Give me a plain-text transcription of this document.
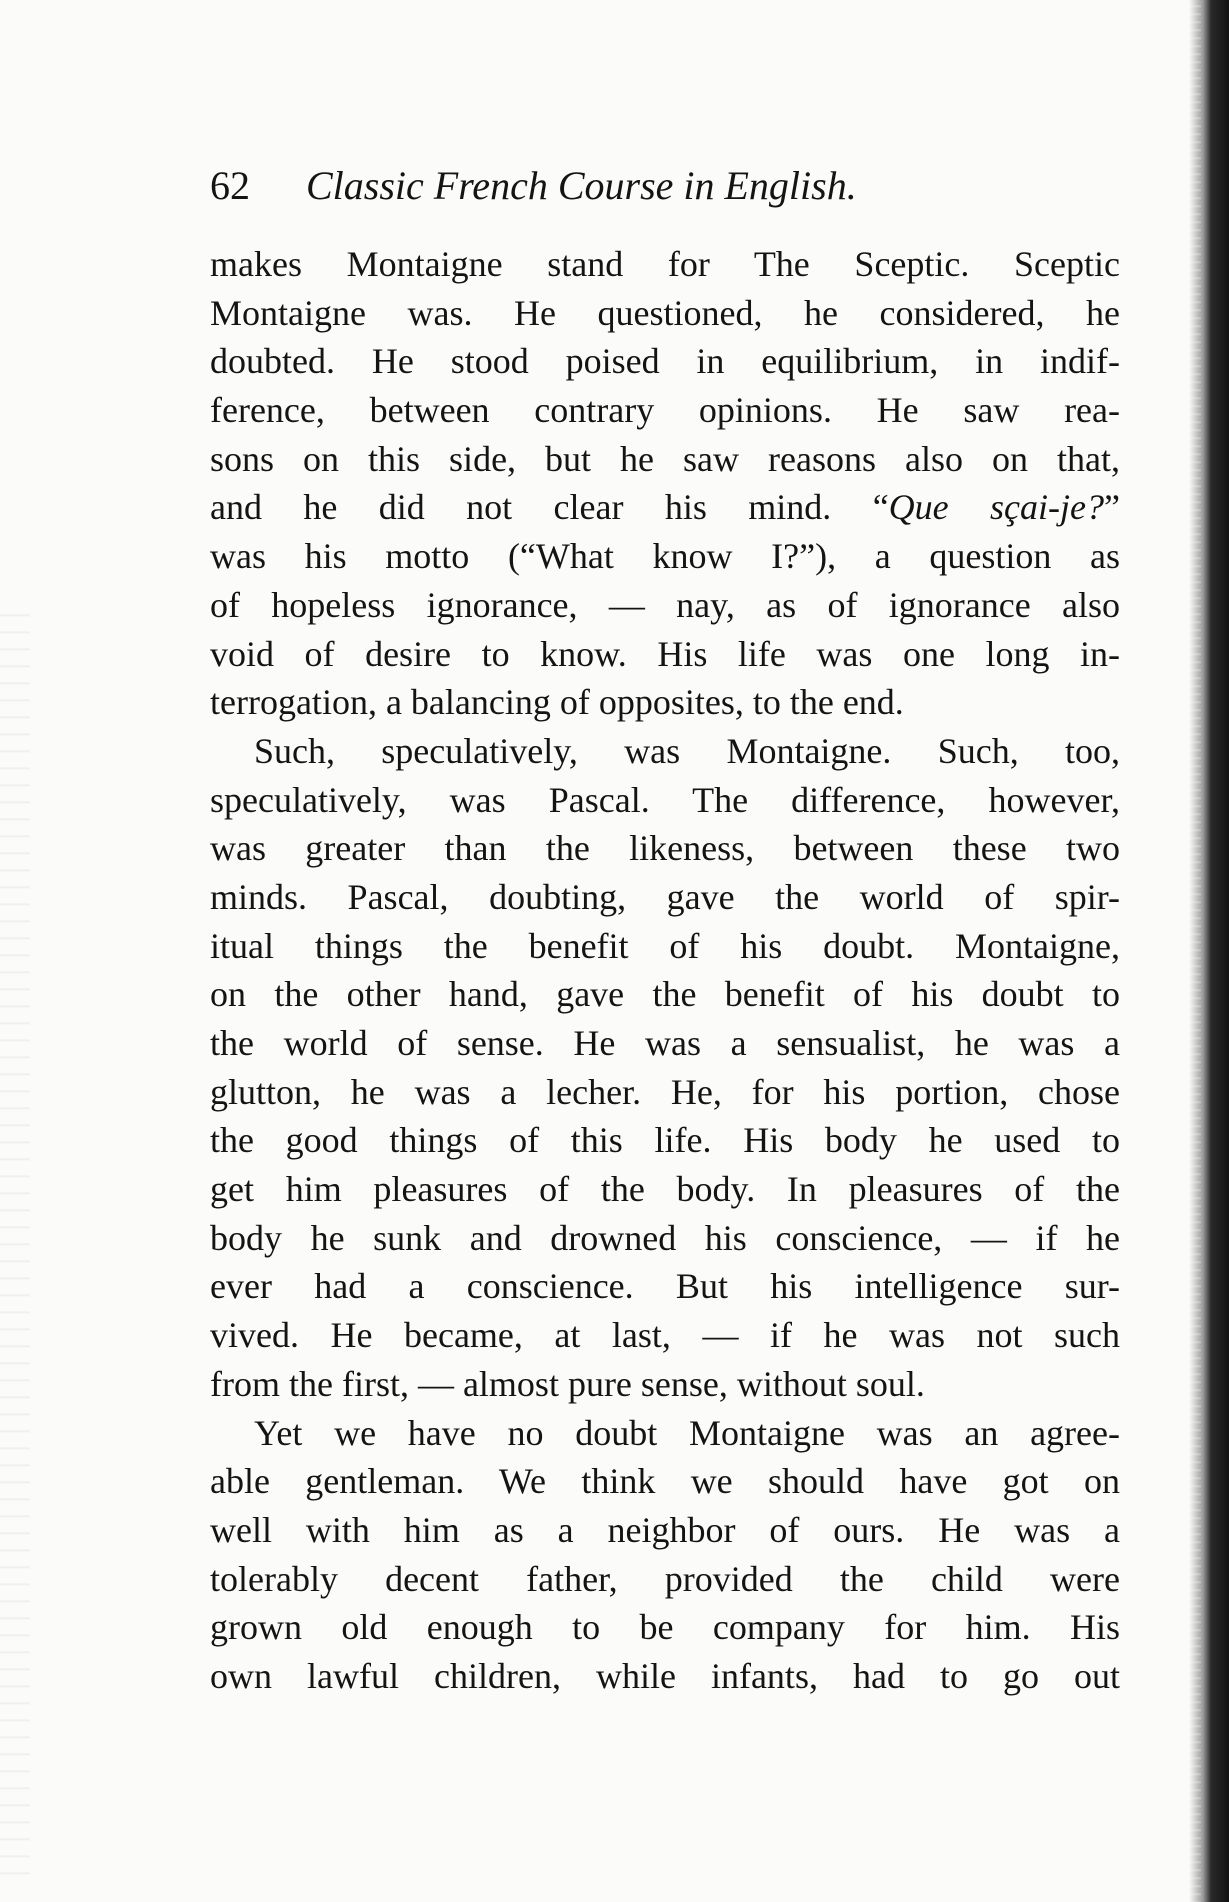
62 Classic French Course in English.
makes Montaigne stand for The Sceptic. Sceptic
Montaigne was. He questioned, he considered, he
doubted. He stood poised in equilibrium, in indif-
ference, between contrary opinions. He saw rea-
sons on this side, but he saw reasons also on that,
and he did not clear his mind. “Que sçai-je?”
was his motto (“What know I?”), a question as
of hopeless ignorance, — nay, as of ignorance also
void of desire to know. His life was one long in-
terrogation, a balancing of opposites, to the end.
Such, speculatively, was Montaigne. Such, too,
speculatively, was Pascal. The difference, however,
was greater than the likeness, between these two
minds. Pascal, doubting, gave the world of spir-
itual things the benefit of his doubt. Montaigne,
on the other hand, gave the benefit of his doubt to
the world of sense. He was a sensualist, he was a
glutton, he was a lecher. He, for his portion, chose
the good things of this life. His body he used to
get him pleasures of the body. In pleasures of the
body he sunk and drowned his conscience, — if he
ever had a conscience. But his intelligence sur-
vived. He became, at last, — if he was not such
from the first, — almost pure sense, without soul.
Yet we have no doubt Montaigne was an agree-
able gentleman. We think we should have got on
well with him as a neighbor of ours. He was a
tolerably decent father, provided the child were
grown old enough to be company for him. His
own lawful children, while infants, had to go out
